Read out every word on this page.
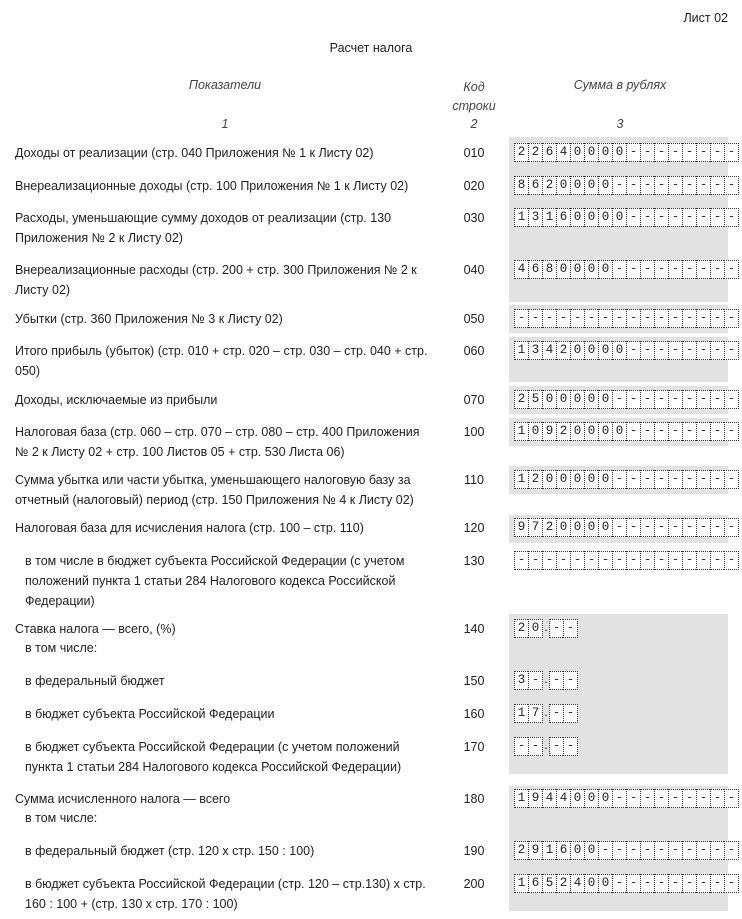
Лист 02
Расчет налога
Показатели	Код строки
Сумма в рублях
1	2	3
Доходы от реализации (стр. 040 Приложения № 1 к Листу 02)	010	2 2 6 4 0 0 0 0 - - - - - - - -
Внереализационные доходы (стр. 100 Приложения № 1 к Листу 02)	020	8 6 2 0 0 0 0 - - - - - - - - -
Расходы, уменьшающие сумму доходов от реализации (стр. 130 Приложения № 2 к Листу 02)
030	1 3 1 6 0 0 0 0 - - - - - - - -
Внереализационные расходы (стр. 200 + стр. 300 Приложения № 2 к Листу 02)
040	4 6 8 0 0 0 0 - - - - - - - - -
Убытки (стр. 360 Приложения № 3 к Листу 02)	050	- - - - - - - - - - - - - - - -
Итого прибыль (убыток) (стр. 010 + стр. 020 – стр. 030 – стр. 040 + стр. 050)
060	1 3 4 2 0 0 0 0 - - - - - - - -
Доходы, исключаемые из прибыли	070	2 5 0 0 0 0 0 - - - - - - - - -
Налоговая база (стр. 060 – стр. 070 – стр. 080 – стр. 400 Приложения № 2 к Листу 02 + стр. 100 Листов 05 + стр. 530 Листа 06)
100	1 0 9 2 0 0 0 0 - - - - - - - -
Сумма убытка или части убытка, уменьшающего налоговую базу за отчетный (налоговый) период (стр. 150 Приложения № 4 к Листу 02)
110	1 2 0 0 0 0 0 - - - - - - - - -
Налоговая база для исчисления налога (стр. 100 – стр. 110)	120	9 7 2 0 0 0 0 - - - - - - - - -
в том числе в бюджет субъекта Российской Федерации (с учетом положений пункта 1 статьи 284 Налогового кодекса Российской Федерации)
130	- - - - - - - - - - - - - - - -
Ставка налога — всего, (%)
в том числе:
140	2 0 . - -
в федеральный бюджет	150	3 - . - -
в бюджет субъекта Российской Федерации	160	1 7 . - -
в бюджет субъекта Российской Федерации (с учетом положений пункта 1 статьи 284 Налогового кодекса Российской Федерации)
170	- - . - -
Сумма исчисленного налога — всего
в том числе:
180	1 9 4 4 0 0 0 - - - - - - - - -
в федеральный бюджет (стр. 120 х стр. 150 : 100)	190	2 9 1 6 0 0 - - - - - - - - - -
в бюджет субъекта Российской Федерации (стр. 120 – стр.130) х стр. 160 : 100 + (стр. 130 х стр. 170 : 100)
200	1 6 5 2 4 0 0 - - - - - - - - -
